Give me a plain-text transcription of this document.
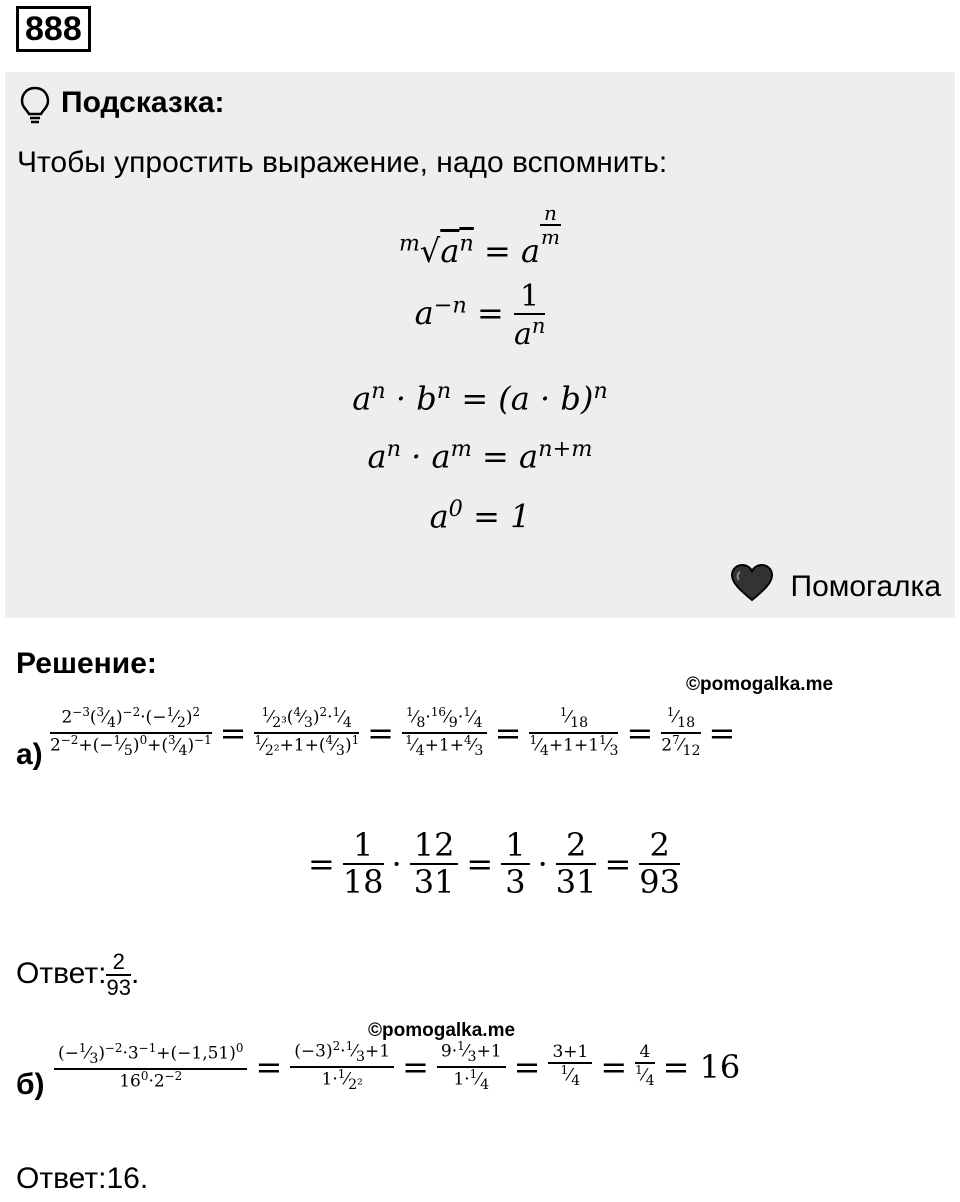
888
Подсказка:
Чтобы упростить выражение, надо вспомнить:
$^m√a^n = a$
$\frac{n}{m}$
$a^{-n} = \frac{1}{a^n}$
$a^n \cdot b^n = (a \cdot b)^n$
$a^n \cdot a^m = a^{n+m}$
$a^0 = 1$
Помогалка
Решение:
©pomogalka.me
$а) \frac{2^{-3}(^3⁄_4)^{-2}\cdot(-^1⁄_2)^2}{2^{-2}+(-^1⁄_5)^0+(^3⁄_4)^{-1}} = \frac{^1⁄_{2^3}(^4⁄_3)^2\cdot^1⁄_4}{^1⁄_{2^2}+1+(^4⁄_3)^1} = \frac{^1⁄_8\cdot^{16}⁄_9\cdot^1⁄_4}{^1⁄_4+1+^4⁄_3} = \frac{^1⁄_{18}}{^1⁄_4+1+1^1⁄_3} = \frac{^1⁄_{18}}{2^7⁄_{12}}$ =
= $\frac{1}{18} \cdot \frac{12}{31} = \frac{1}{3} \cdot \frac{2}{31} = \frac{2}{93}$
Ответ: $\frac{2}{93}$ .
©pomogalka.me
$б) \frac{(-^1⁄_3)^{-2}\cdot 3^{-1}+(-1,51)^0}{16^0\cdot 2^{-2}} = \frac{(-3)^2\cdot^1⁄_3+1}{1\cdot^1⁄_{2^2}} = \frac{9\cdot^1⁄_3+1}{1\cdot^1⁄_4} = \frac{3+1}{^1⁄_4} = \frac{4}{^1⁄_4} = 16$
Ответ:16.
